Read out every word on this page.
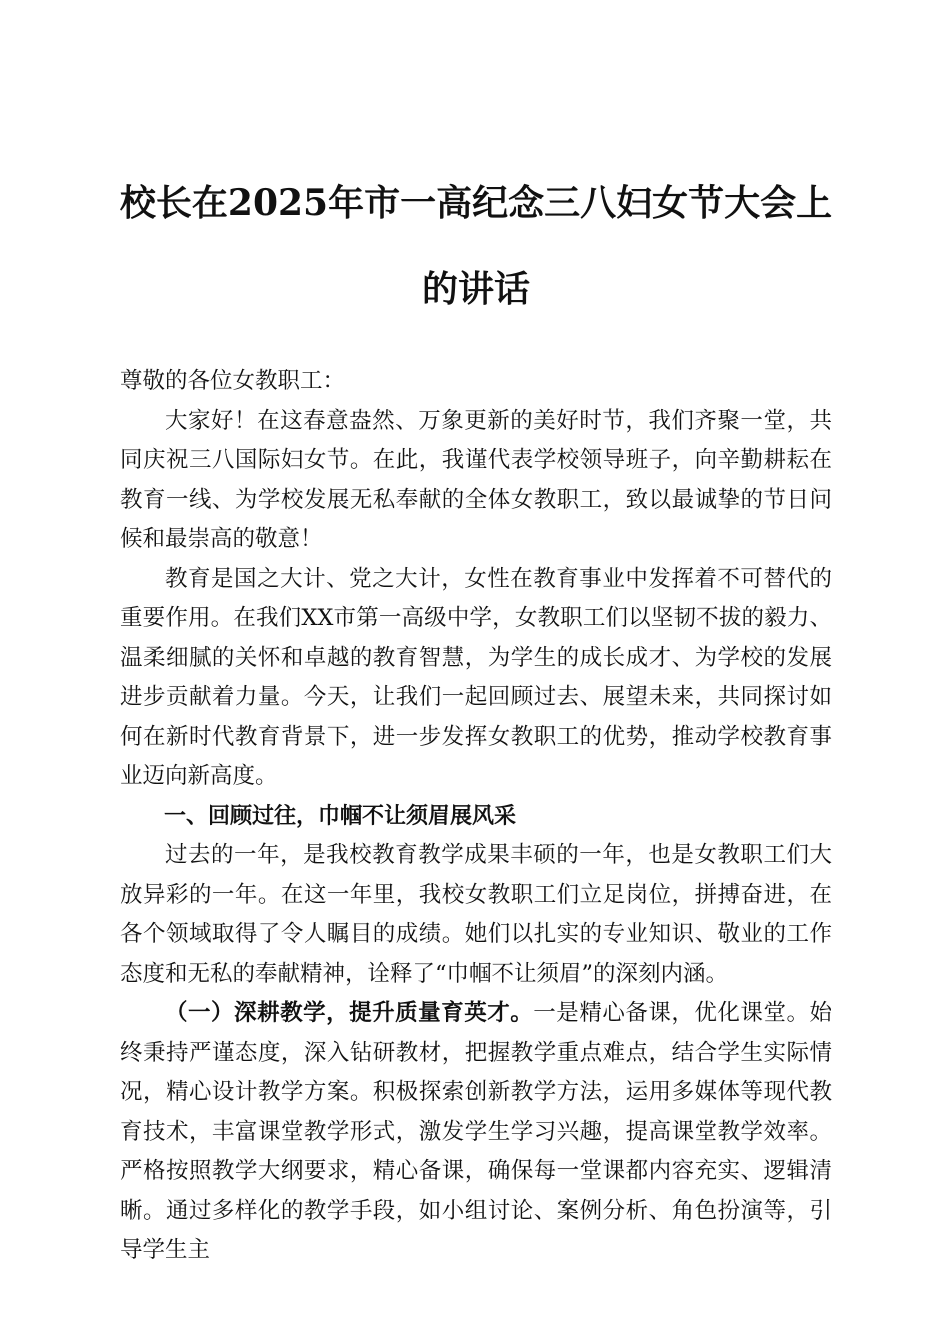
校长在2025年市一高纪念三八妇女节大会上
的讲话

尊敬的各位女教职工：

大家好！在这春意盎然、万象更新的美好时节，我们齐聚一堂，共同庆祝三八国际妇女节。在此，我谨代表学校领导班子，向辛勤耕耘在教育一线、为学校发展无私奉献的全体女教职工，致以最诚挚的节日问候和最崇高的敬意！

教育是国之大计、党之大计，女性在教育事业中发挥着不可替代的重要作用。在我们XX市第一高级中学，女教职工们以坚韧不拔的毅力、温柔细腻的关怀和卓越的教育智慧，为学生的成长成才、为学校的发展进步贡献着力量。今天，让我们一起回顾过去、展望未来，共同探讨如何在新时代教育背景下，进一步发挥女教职工的优势，推动学校教育事业迈向新高度。

一、回顾过往，巾帼不让须眉展风采

过去的一年，是我校教育教学成果丰硕的一年，也是女教职工们大放异彩的一年。在这一年里，我校女教职工们立足岗位，拼搏奋进，在各个领域取得了令人瞩目的成绩。她们以扎实的专业知识、敬业的工作态度和无私的奉献精神，诠释了“巾帼不让须眉”的深刻内涵。

（一）深耕教学，提升质量育英才。一是精心备课，优化课堂。始终秉持严谨态度，深入钻研教材，把握教学重点难点，结合学生实际情况，精心设计教学方案。积极探索创新教学方法，运用多媒体等现代教育技术，丰富课堂教学形式，激发学生学习兴趣，提高课堂教学效率。严格按照教学大纲要求，精心备课，确保每一堂课都内容充实、逻辑清晰。通过多样化的教学手段，如小组讨论、案例分析、角色扮演等，引导学生主
